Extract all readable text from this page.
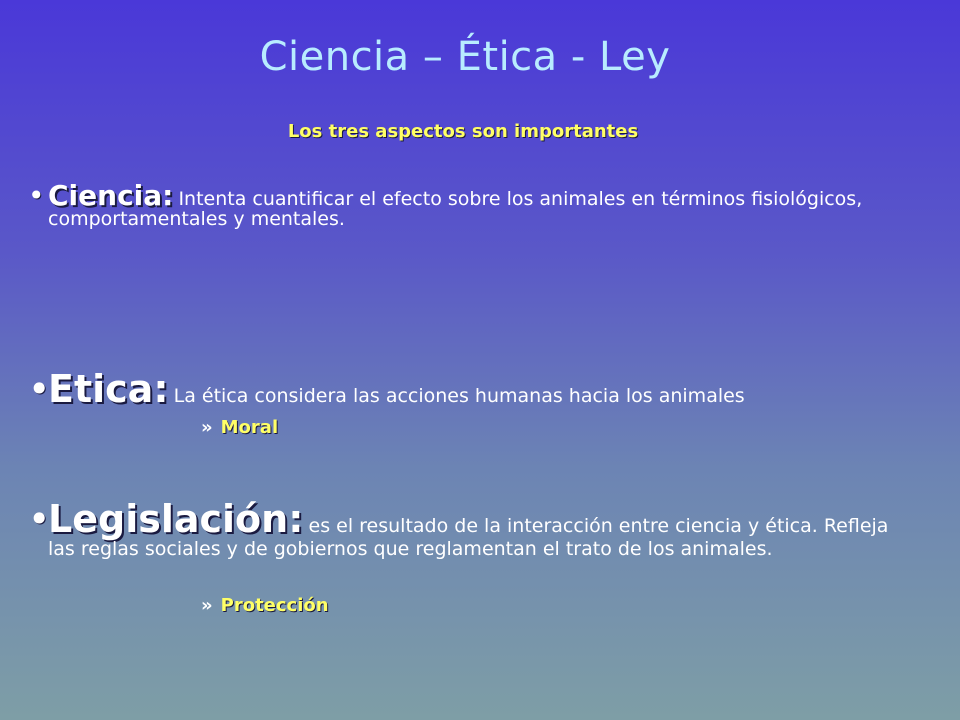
Ciencia – Ética - Ley
Los tres aspectos son importantes
• Ciencia: Intenta cuantificar el efecto sobre los animales en términos fisiológicos, comportamentales y mentales.
•
Etica: La ética considera las acciones humanas hacia los animales
» Moral
•
Legislación: es el resultado de la interacción entre ciencia y ética. Refleja las reglas sociales y de gobiernos que reglamentan el trato de los animales.
» Protección
